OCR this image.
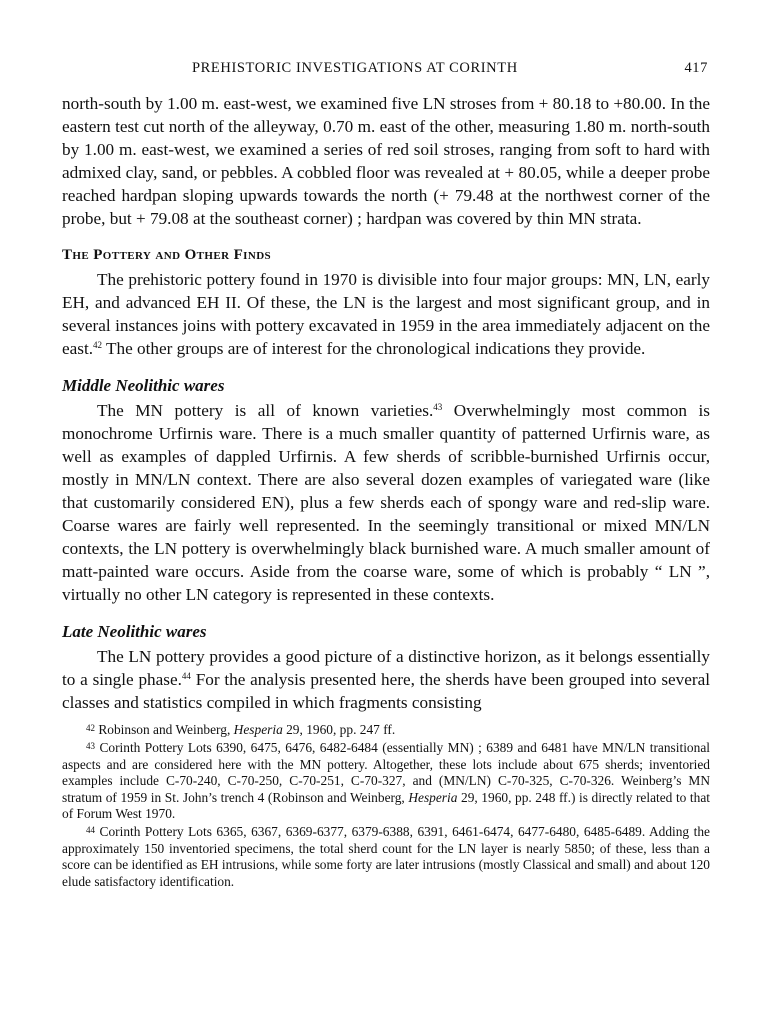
PREHISTORIC INVESTIGATIONS AT CORINTH	417

north-south by 1.00 m. east-west, we examined five LN stroses from + 80.18 to +80.00. In the eastern test cut north of the alleyway, 0.70 m. east of the other, measuring 1.80 m. north-south by 1.00 m. east-west, we examined a series of red soil stroses, ranging from soft to hard with admixed clay, sand, or pebbles. A cobbled floor was revealed at + 80.05, while a deeper probe reached hardpan sloping upwards towards the north (+ 79.48 at the northwest corner of the probe, but + 79.08 at the southeast corner) ; hardpan was covered by thin MN strata.

The Pottery and Other Finds

The prehistoric pottery found in 1970 is divisible into four major groups: MN, LN, early EH, and advanced EH II. Of these, the LN is the largest and most significant group, and in several instances joins with pottery excavated in 1959 in the area immediately adjacent on the east.$^{42}$ The other groups are of interest for the chronological indications they provide.

Middle Neolithic wares

The MN pottery is all of known varieties.$^{43}$ Overwhelmingly most common is monochrome Urfirnis ware. There is a much smaller quantity of patterned Urfirnis ware, as well as examples of dappled Urfirnis. A few sherds of scribble-burnished Urfirnis occur, mostly in MN/LN context. There are also several dozen examples of variegated ware (like that customarily considered EN), plus a few sherds each of spongy ware and red-slip ware. Coarse wares are fairly well represented. In the seemingly transitional or mixed MN/LN contexts, the LN pottery is overwhelmingly black burnished ware. A much smaller amount of matt-painted ware occurs. Aside from the coarse ware, some of which is probably “ LN ”, virtually no other LN category is represented in these contexts.

Late Neolithic wares

The LN pottery provides a good picture of a distinctive horizon, as it belongs essentially to a single phase.$^{44}$ For the analysis presented here, the sherds have been grouped into several classes and statistics compiled in which fragments consisting

$^{42}$ Robinson and Weinberg, Hesperia 29, 1960, pp. 247 ff.

$^{43}$ Corinth Pottery Lots 6390, 6475, 6476, 6482-6484 (essentially MN) ; 6389 and 6481 have MN/LN transitional aspects and are considered here with the MN pottery. Altogether, these lots include about 675 sherds; inventoried examples include C-70-240, C-70-250, C-70-251, C-70-327, and (MN/LN) C-70-325, C-70-326. Weinberg’s MN stratum of 1959 in St. John’s trench 4 (Robinson and Weinberg, Hesperia 29, 1960, pp. 248 ff.) is directly related to that of Forum West 1970.

$^{44}$ Corinth Pottery Lots 6365, 6367, 6369-6377, 6379-6388, 6391, 6461-6474, 6477-6480, 6485-6489. Adding the approximately 150 inventoried specimens, the total sherd count for the LN layer is nearly 5850; of these, less than a score can be identified as EH intrusions, while some forty are later intrusions (mostly Classical and small) and about 120 elude satisfactory identification.
